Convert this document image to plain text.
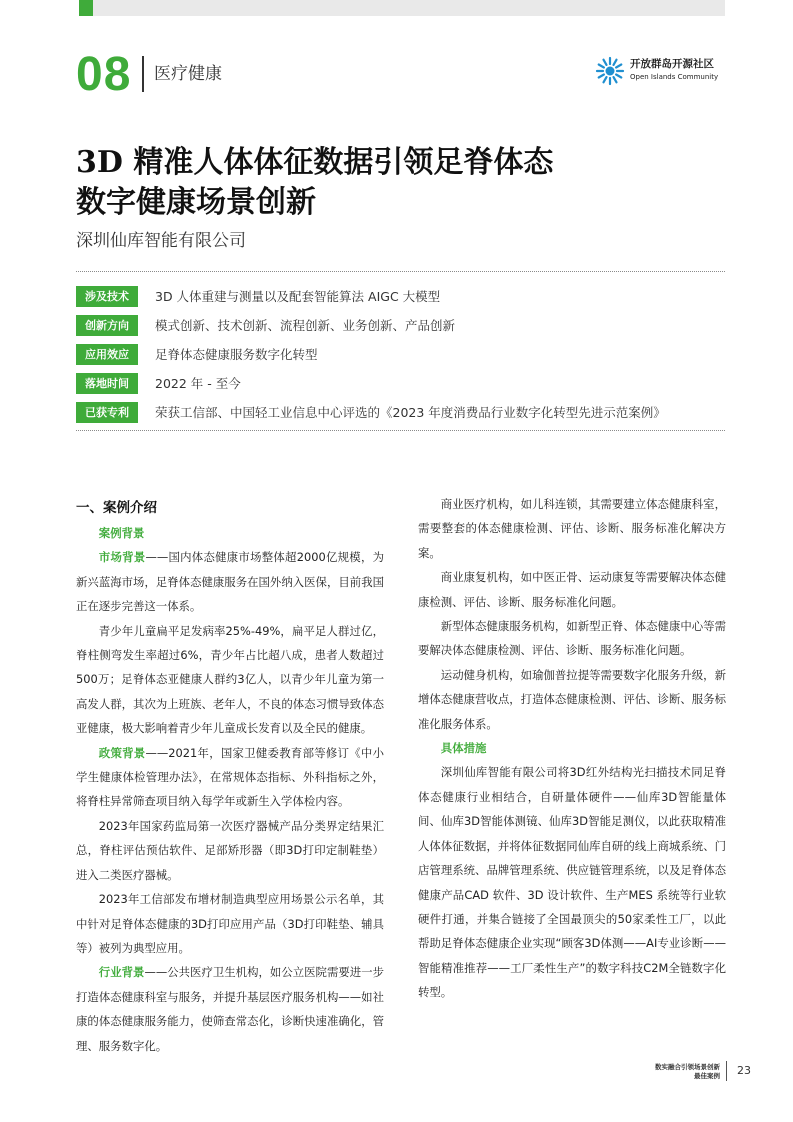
08 医疗健康	开放群岛开源社区
Open Islands Community
3D 精准人体体征数据引领足脊体态
数字健康场景创新
深圳仙库智能有限公司
涉及技术	3D 人体重建与测量以及配套智能算法 AIGC 大模型
创新方向	模式创新、技术创新、流程创新、业务创新、产品创新
应用效应	足脊体态健康服务数字化转型
落地时间	2022 年 - 至今
已获专利	荣获工信部、中国轻工业信息中心评选的《2023 年度消费品行业数字化转型先进示范案例》

一、案例介绍

案例背景

市场背景——国内体态健康市场整体超2000亿规模，为新兴蓝海市场，足脊体态健康服务在国外纳入医保，目前我国正在逐步完善这一体系。

青少年儿童扁平足发病率25%-49%，扁平足人群过亿，脊柱侧弯发生率超过6%，青少年占比超八成，患者人数超过500万；足脊体态亚健康人群约3亿人，以青少年儿童为第一高发人群，其次为上班族、老年人，不良的体态习惯导致体态亚健康，极大影响着青少年儿童成长发育以及全民的健康。

政策背景——2021年，国家卫健委教育部等修订《中小学生健康体检管理办法》，在常规体态指标、外科指标之外，将脊柱异常筛查项目纳入每学年或新生入学体检内容。

2023年国家药监局第一次医疗器械产品分类界定结果汇总，脊柱评估预估软件、足部矫形器（即3D打印定制鞋垫）进入二类医疗器械。

2023年工信部发布增材制造典型应用场景公示名单，其中针对足脊体态健康的3D打印应用产品（3D打印鞋垫、辅具等）被列为典型应用。

行业背景——公共医疗卫生机构，如公立医院需要进一步打造体态健康科室与服务，并提升基层医疗服务机构——如社康的体态健康服务能力，使筛查常态化，诊断快速准确化，管理、服务数字化。

商业医疗机构，如儿科连锁，其需要建立体态健康科室，需要整套的体态健康检测、评估、诊断、服务标准化解决方案。

商业康复机构，如中医正骨、运动康复等需要解决体态健康检测、评估、诊断、服务标准化问题。

新型体态健康服务机构，如新型正脊、体态健康中心等需要解决体态健康检测、评估、诊断、服务标准化问题。

运动健身机构，如瑜伽普拉提等需要数字化服务升级，新增体态健康营收点，打造体态健康检测、评估、诊断、服务标准化服务体系。

具体措施

深圳仙库智能有限公司将3D红外结构光扫描技术同足脊体态健康行业相结合，自研量体硬件——仙库3D智能量体间、仙库3D智能体测镜、仙库3D智能足测仪，以此获取精准人体体征数据，并将体征数据同仙库自研的线上商城系统、门店管理系统、品牌管理系统、供应链管理系统，以及足脊体态健康产品CAD 软件、3D 设计软件、生产MES 系统等行业软硬件打通，并集合链接了全国最顶尖的50家柔性工厂，以此帮助足脊体态健康企业实现“顾客3D体测——AI专业诊断——智能精准推荐——工厂柔性生产”的数字科技C2M全链数字化转型。

数实融合引领场景创新
最佳案例 23
